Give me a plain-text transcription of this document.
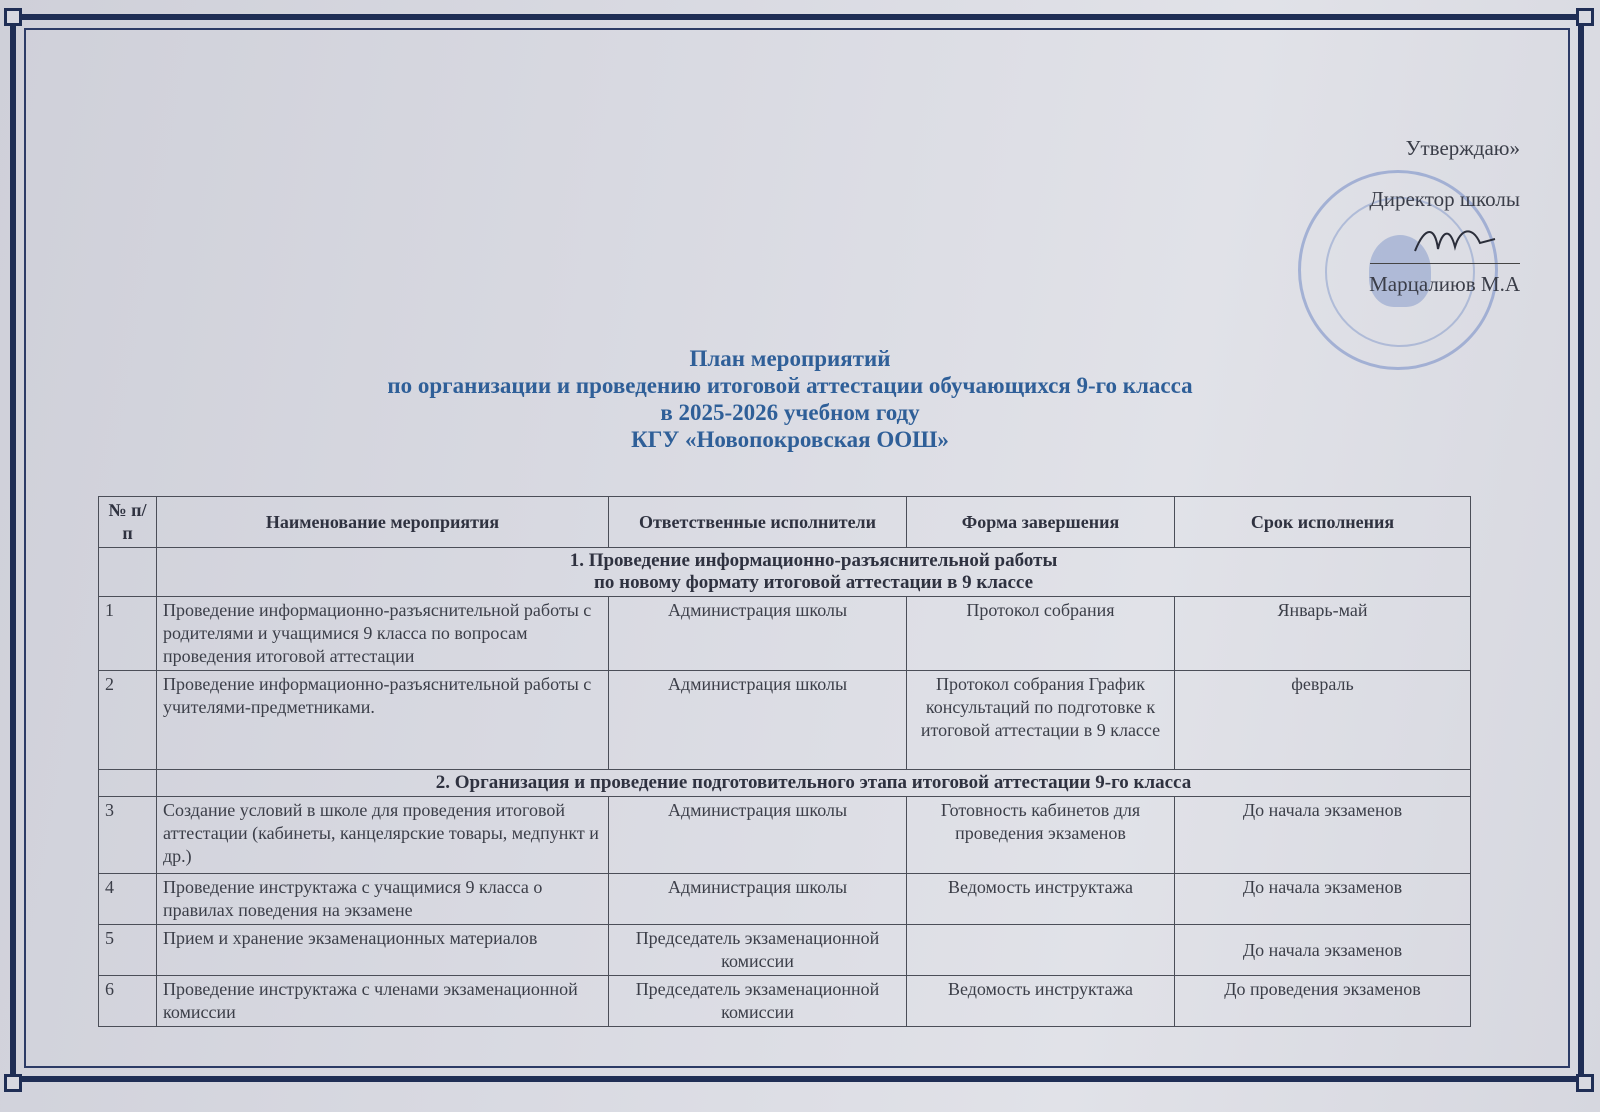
Утверждаю»
Директор школы
Марцалиюв М.А
План мероприятий
по организации и проведению итоговой аттестации обучающихся 9-го класса
в 2025-2026 учебном году
КГУ «Новопокровская ООШ»
№ п/п	Наименование мероприятия	Ответственные исполнители	Форма завершения	Срок исполнения

	1. Проведение информационно-разъяснительной работы
по новому формату итоговой аттестации в 9 классе			

1	Проведение информационно-разъяснительной работы с родителями и учащимися 9 класса по вопросам проведения итоговой аттестации	Администрация школы	Протокол собрания	Январь-май
2	Проведение информационно-разъяснительной работы с учителями-предметниками.	Администрация школы	Протокол собрания График консультаций по подготовке к итоговой аттестации в 9 классе	февраль

	2. Организация и проведение подготовительного этапа итоговой аттестации 9-го класса			

3	Создание условий в школе для проведения итоговой аттестации (кабинеты, канцелярские товары, медпункт и др.)	Администрация школы	Готовность кабинетов для проведения экзаменов	До начала экзаменов
4	Проведение инструктажа с учащимися 9 класса о правилах поведения на экзамене	Администрация школы	Ведомость инструктажа	До начала экзаменов
5	Прием и хранение экзаменационных материалов	Председатель экзаменационной комиссии		До начала экзаменов
6	Проведение инструктажа с членами экзаменационной комиссии	Председатель экзаменационной комиссии	Ведомость инструктажа	До проведения экзаменов
